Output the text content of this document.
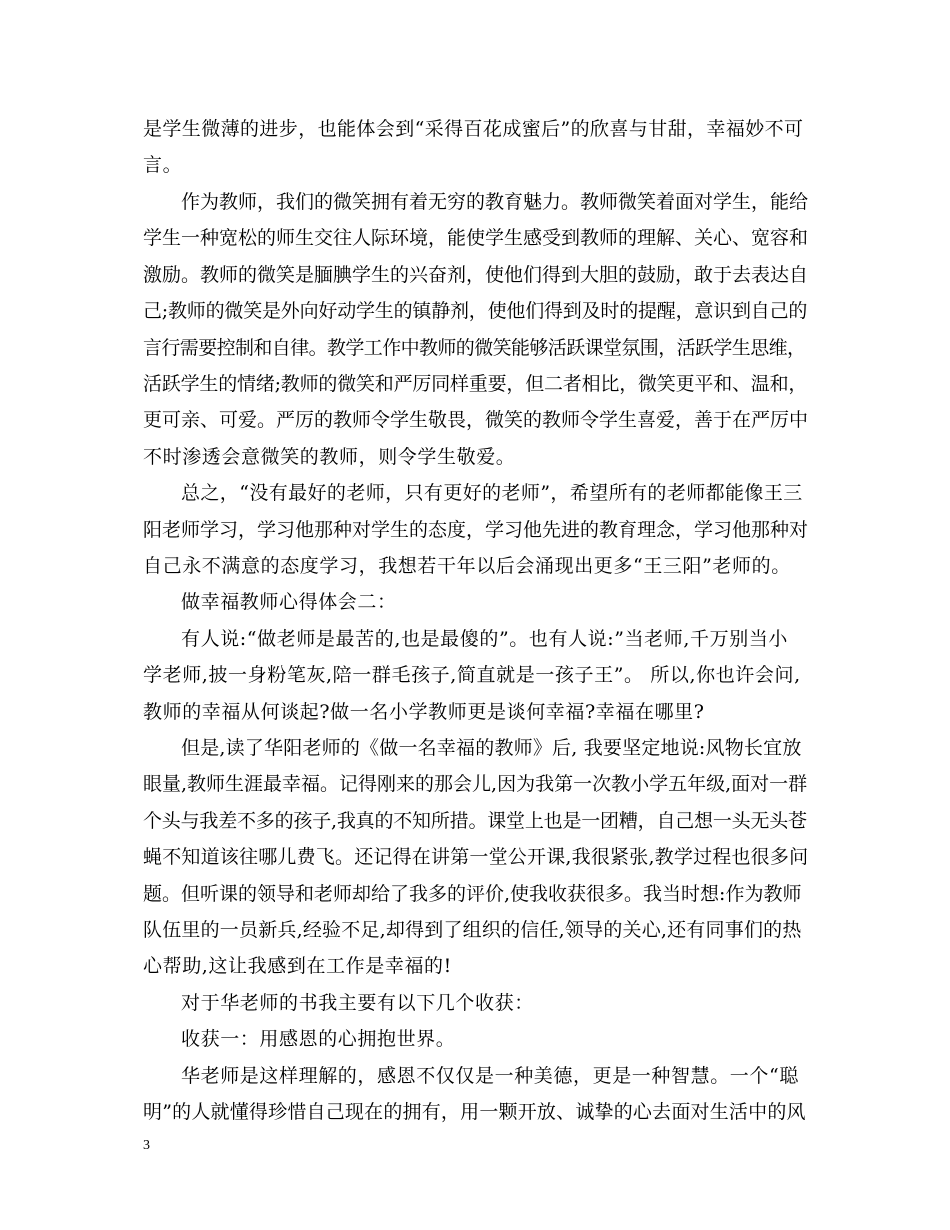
是学生微薄的进步，也能体会到“采得百花成蜜后”的欣喜与甘甜，幸福妙不可
言。
作为教师，我们的微笑拥有着无穷的教育魅力。教师微笑着面对学生，能给
学生一种宽松的师生交往人际环境，能使学生感受到教师的理解、关心、宽容和
激励。教师的微笑是腼腆学生的兴奋剂，使他们得到大胆的鼓励，敢于去表达自
己;教师的微笑是外向好动学生的镇静剂，使他们得到及时的提醒，意识到自己的
言行需要控制和自律。教学工作中教师的微笑能够活跃课堂氛围，活跃学生思维，
活跃学生的情绪;教师的微笑和严厉同样重要，但二者相比，微笑更平和、温和，
更可亲、可爱。严厉的教师令学生敬畏，微笑的教师令学生喜爱，善于在严厉中
不时渗透会意微笑的教师，则令学生敬爱。
总之，“没有最好的老师，只有更好的老师”，希望所有的老师都能像王三
阳老师学习，学习他那种对学生的态度，学习他先进的教育理念，学习他那种对
自己永不满意的态度学习，我想若干年以后会涌现出更多“王三阳”老师的。
做幸福教师心得体会二：
有人说:“做老师是最苦的,也是最傻的”。也有人说:”当老师,千万别当小
学老师,披一身粉笔灰,陪一群毛孩子,简直就是一孩子王”。 所以,你也许会问,
教师的幸福从何谈起?做一名小学教师更是谈何幸福?幸福在哪里?
但是,读了华阳老师的《做一名幸福的教师》后, 我要坚定地说:风物长宜放
眼量,教师生涯最幸福。记得刚来的那会儿,因为我第一次教小学五年级,面对一群
个头与我差不多的孩子,我真的不知所措。课堂上也是一团糟，自己想一头无头苍
蝇不知道该往哪儿费飞。还记得在讲第一堂公开课,我很紧张,教学过程也很多问
题。但听课的领导和老师却给了我多的评价,使我收获很多。我当时想:作为教师
队伍里的一员新兵,经验不足,却得到了组织的信任,领导的关心,还有同事们的热
心帮助,这让我感到在工作是幸福的!
对于华老师的书我主要有以下几个收获：
收获一：用感恩的心拥抱世界。
华老师是这样理解的，感恩不仅仅是一种美德，更是一种智慧。一个“聪
明”的人就懂得珍惜自己现在的拥有，用一颗开放、诚挚的心去面对生活中的风
3
